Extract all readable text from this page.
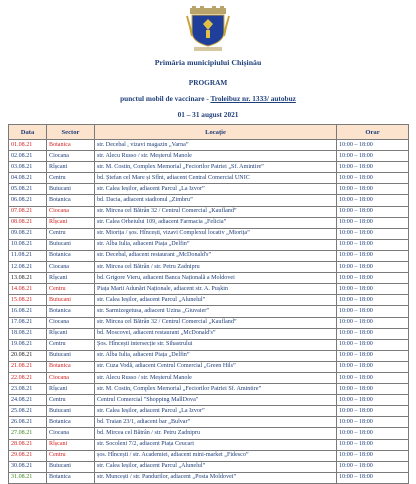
Primăria municipiului Chișinău
PROGRAM
punctul mobil de vaccinare - Troleibuz nr. 1333/ autobuz
01 – 31 august 2021
Data	Sector	Locație	Orar
01.08.21	Botanica	str. Decebal , vizavi magazin „Varna”	10:00 – 18:00
02.08.21	Ciocana	str. Alecu Russo / str. Meșterul Manole	10:00 – 18:00
03.08.21	Rîșcani	str. M. Costin, Complex Memorial „Feciorilor Patriei „Sf. Amintire”	10:00 – 18:00
04.08.21	Centru	bd. Ștefan cel Mare și Sfînt, adiacent Central Comercial UNIC	10:00 – 18:00
05.08.21	Buiucani	str. Calea Ieșilor, adiacent Parcul „La Izvor”	10:00 – 18:00
06.08.21	Botanica	bd. Dacia, adiacent stadionul „Zimbru”	10:00 – 18:00
07.08.21	Ciocana	str. Mircea cel Bătrân 32 / Centrul Comercial „Kaufland”	10:00 – 18:00
08.08.21	Rîșcani	str. Calea Orheiului 109, adiacent Farmacia „Felicia”	10:00 – 18:00
09.08.21	Centru	str. Miorița / șos. Hîncești, vizavi Complexul locativ „Miorița”	10:00 – 18:00
10.08.21	Buiucani	str. Alba Iulia, adiacent Piața „Delfin”	10:00 – 18:00
11.08.21	Botanica	str. Decebal, adiacent restaurant „McDonald's”	10:00 – 18:00
12.08.21	Ciocana	str. Mircea cel Bătrân / str. Petru Zadnipru	10:00 – 18:00
13.08.21	Rîșcani	bd. Grigore Vieru, adiacent Banca Națională a Moldovei	10:00 – 18:00
14.08.21	Centru	Piața Marii Adunări Naționale, adiacent str. A. Pușkin	10:00 – 18:00
15.08.21	Buiucani	str. Calea Ieșilor, adiacent Parcul „Alunelul”	10:00 – 18:00
16.08.21	Botanica	str. Sarmizegetusa, adiacent Uzina „Giuvaier”	10:00 – 18:00
17.08.21	Ciocana	str. Mircea cel Bătrân 32 / Centrul Comercial „Kaufland”	10:00 – 18:00
18.08.21	Rîșcani	bd. Moscovei, adiacent restaurant „McDonald's”	10:00 – 18:00
19.08.21	Centru	Șos. Hîncești intersecție str. Sihastrului	10:00 – 18:00
20.08.21	Buiucani	str. Alba Iulia, adiacent Piața „Delfin”	10:00 – 18:00
21.08.21	Botanica	str. Cuza Vodă, adiacent Centrul Comercial „Green Hils”	10:00 – 18:00
22.08.21	Ciocana	str. Alecu Russo / str. Meșterul Manole	10:00 – 18:00
23.08.21	Rîșcani	str. M. Costin, Complex Memorial „Feciorilor Patriei Sf. Amintire”	10:00 – 18:00
24.08.21	Centru	Centrul Comercial "Shopping MallDova"	10:00 – 18:00
25.08.21	Buiucani	str. Calea Ieșilor, adiacent Parcul „La Izvor”	10:00 – 18:00
26.08.21	Botanica	bd. Traian 23/1, adiacent bar „Bulvar”	10:00 – 18:00
27.08.21	Ciocana	bd. Mircea cel Bătrân / str. Petru Zadnipru	10:00 – 18:00
28.08.21	Rîșcani	str. Socoleni 7/2, adiacent Piața Ceucari	10:00 – 18:00
29.08.21	Centru	șos. Hîncești / str. Academiei, adiacent mini-market „Fidesco”	10:00 – 18:00
30.08.21	Buiucani	str. Calea Ieșilor, adiacent Parcul „Alunelul”	10:00 – 18:00
31.08.21	Botanica	str. Muncești / str. Pandurilor, adiacent „Posta Moldovei”	10:00 – 18:00
